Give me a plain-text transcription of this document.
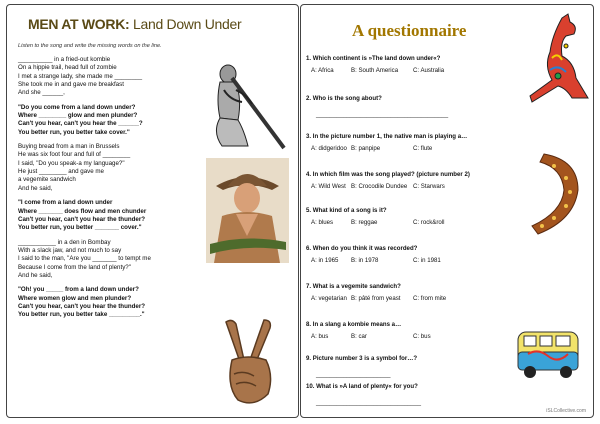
MEN AT WORK: Land Down Under
Listen to the song and write the missing words on the line.
__________ in a fried-out kombie
On a hippie trail, head full of zombie
I met a strange lady, she made me ________
She took me in and gave me breakfast
And she ______,
"Do you come from a land down under?
Where ________ glow and men plunder?
Can't you hear, can't you hear the ______?
You better run, you better take cover."
Buying bread from a man in Brussels
He was six foot four and full of ________
I said, "Do you speak-a my language?"
He just ________ and gave me
a vegemite sandwich
And he said,
"I come from a land down under
Where _______ does flow and men chunder
Can't you hear, can't you hear the thunder?
You better run, you better _______ cover."
___________ in a den in Bombay
With a slack jaw, and not much to say
I said to the man, "Are you _______ to tempt me
Because I come from the land of plenty?"
And he said,
"Oh! you _____ from a land down under?
Where women glow and men plunder?
Can't you hear, can't you hear the thunder?
You better run, you better take _________."
A questionnaire
1. Which continent is »The land down under«?
A: Africa	B: South America	C: Australia
2. Who is the song about?
_______________________________________
3. In the picture number 1, the native man is playing a…
A: didgeridoo B: panpipe	C: flute
4. In which film was the song played? (picture number 2)
A: Wild West B: Crocodile Dundee C: Starwars
5. What kind of a song is it?
A: blues	B: reggae	C: rock&roll
6. When do you think it was recorded?
A: in 1965	B: in 1978	C: in 1981
7. What is a vegemite sandwich?
A: vegetarian B: pâté from yeast	C: from mite
8. In a slang a kombie means a…
A: bus	B: car	C: bus
9. Picture number 3 is a symbol for…?
______________________
10. What is »A land of plenty« for you?
_______________________________
iSLCollective.com
